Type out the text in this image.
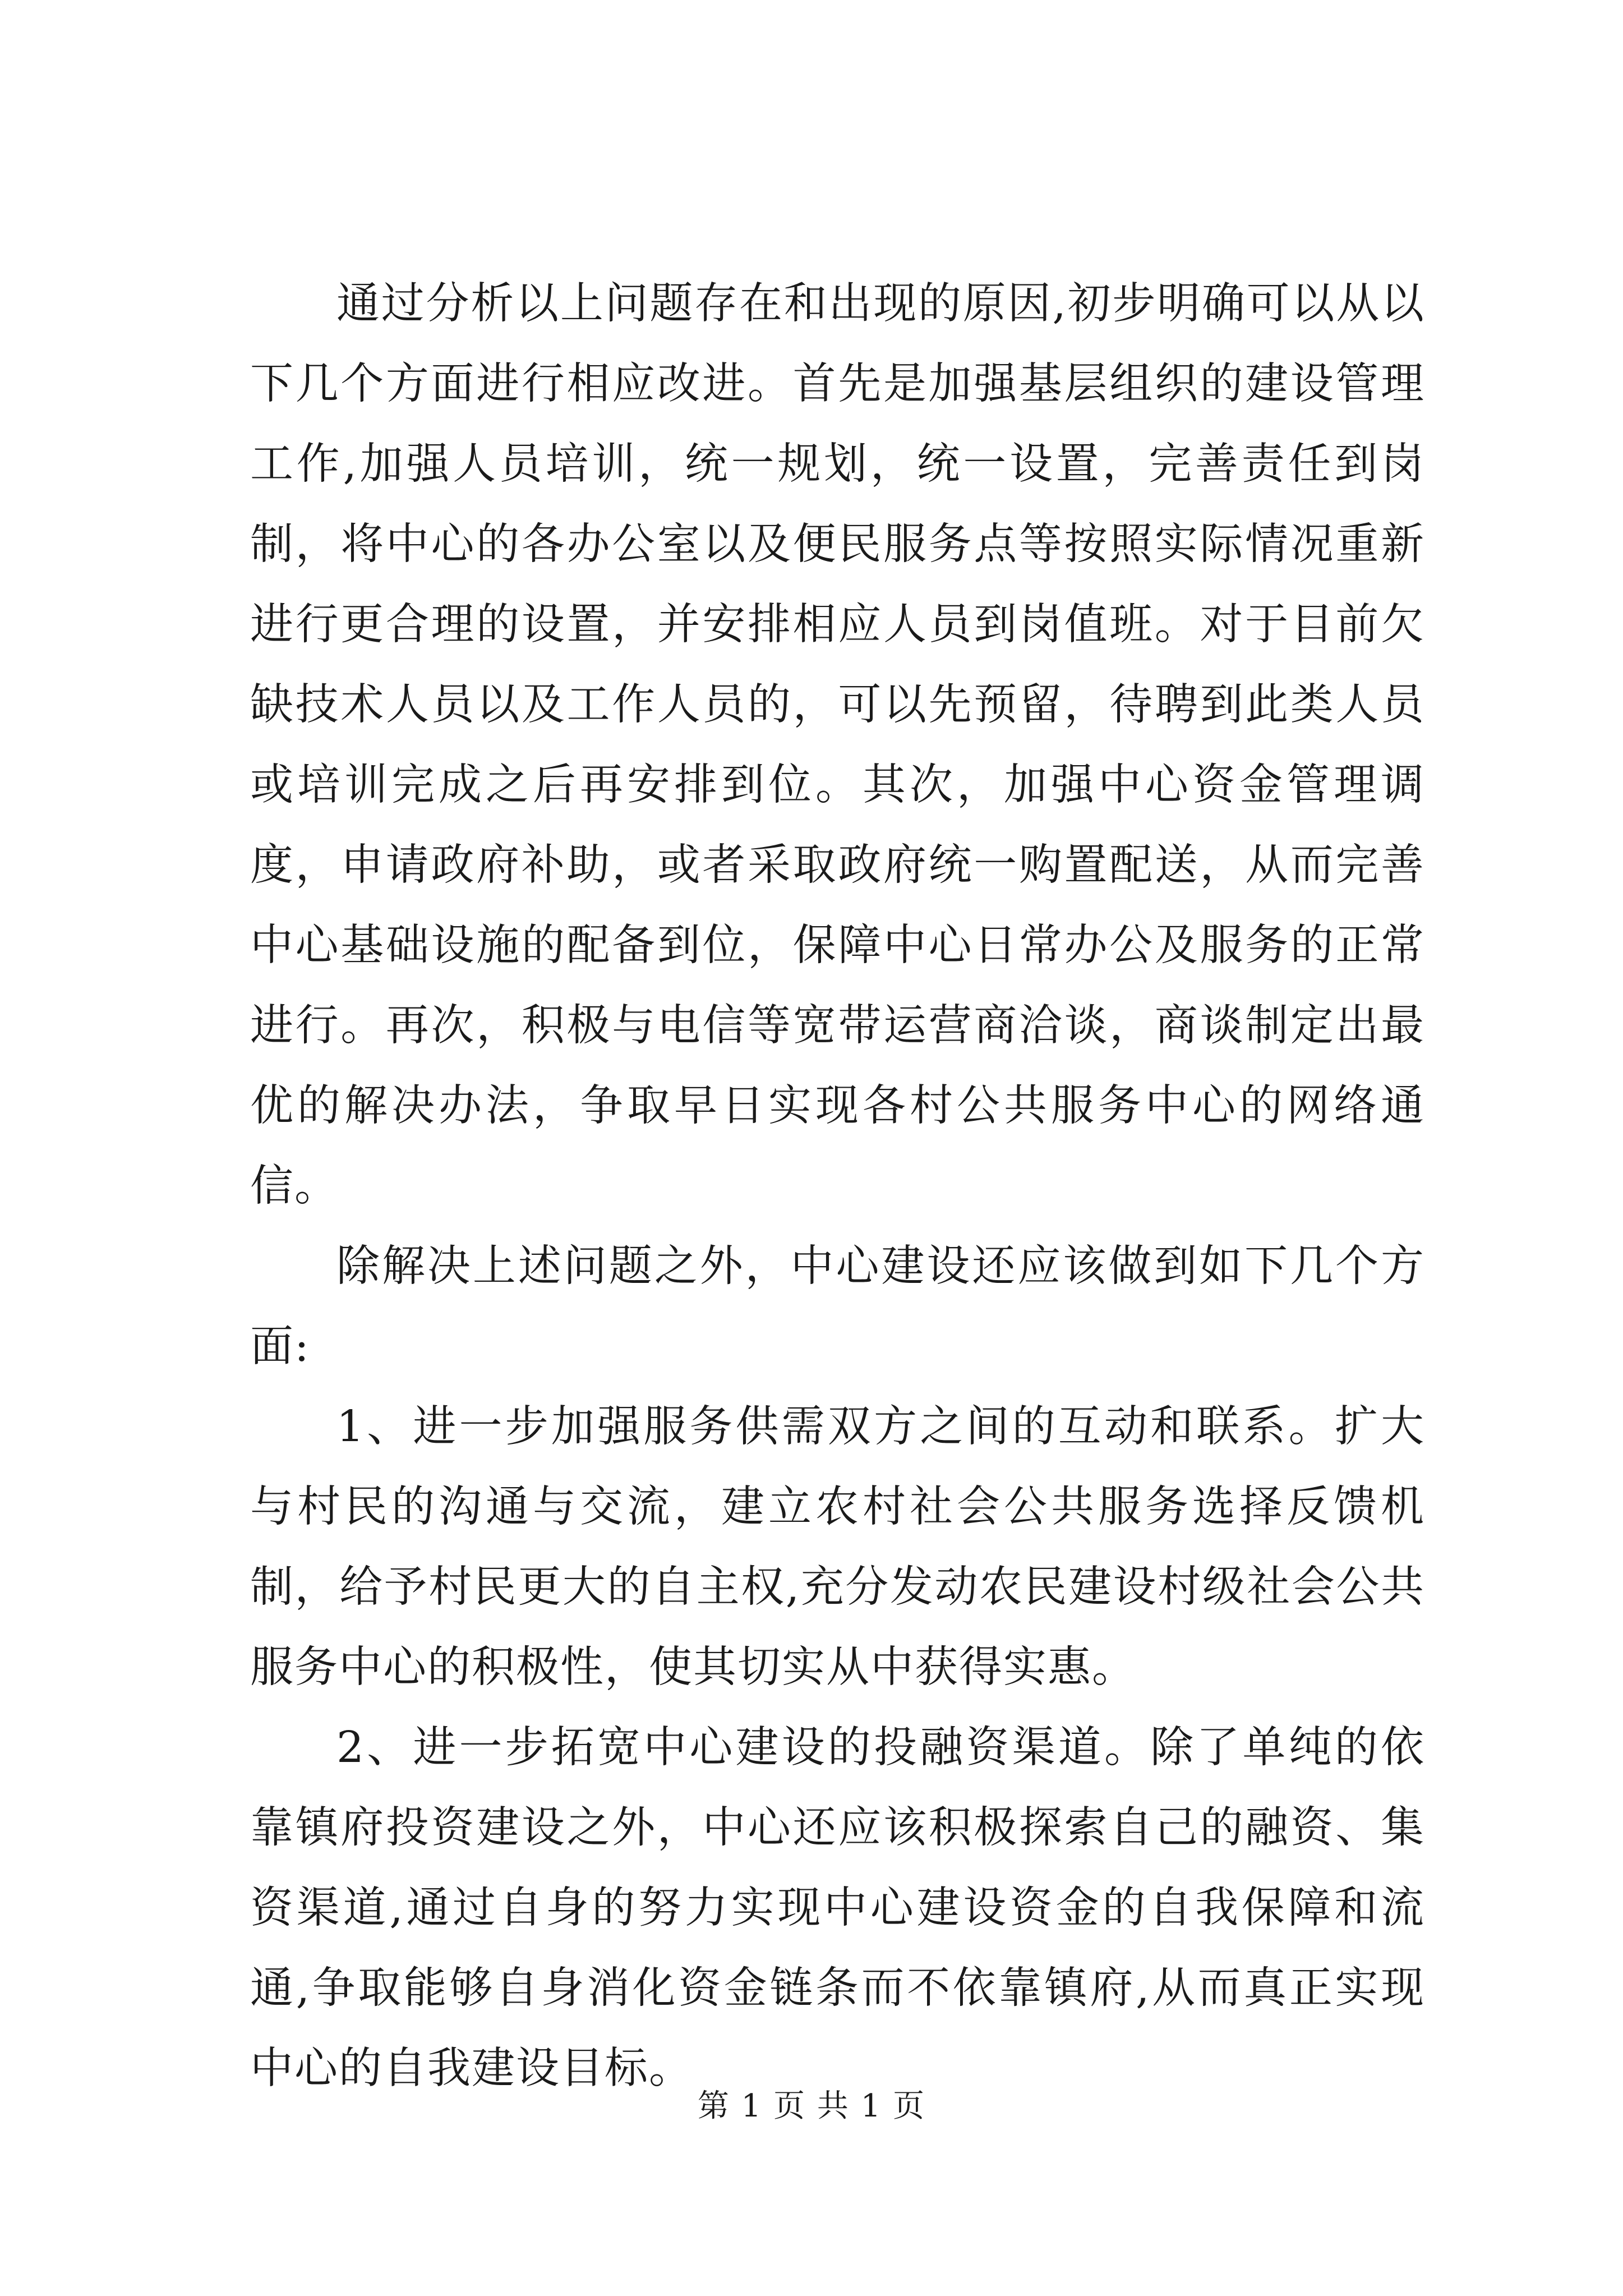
通过分析以上问题存在和出现的原因,初步明确可以从以下几个方面进行相应改进。首先是加强基层组织的建设管理工作,加强人员培训，统一规划，统一设置，完善责任到岗制，将中心的各办公室以及便民服务点等按照实际情况重新进行更合理的设置，并安排相应人员到岗值班。对于目前欠缺技术人员以及工作人员的，可以先预留，待聘到此类人员或培训完成之后再安排到位。其次，加强中心资金管理调度，申请政府补助，或者采取政府统一购置配送，从而完善中心基础设施的配备到位，保障中心日常办公及服务的正常进行。再次，积极与电信等宽带运营商洽谈，商谈制定出最优的解决办法，争取早日实现各村公共服务中心的网络通信。

除解决上述问题之外，中心建设还应该做到如下几个方面:

1、进一步加强服务供需双方之间的互动和联系。扩大与村民的沟通与交流，建立农村社会公共服务选择反馈机制，给予村民更大的自主权,充分发动农民建设村级社会公共服务中心的积极性，使其切实从中获得实惠。

2、进一步拓宽中心建设的投融资渠道。除了单纯的依靠镇府投资建设之外，中心还应该积极探索自己的融资、集资渠道,通过自身的努力实现中心建设资金的自我保障和流通,争取能够自身消化资金链条而不依靠镇府,从而真正实现中心的自我建设目标。

第 1 页 共 1 页
